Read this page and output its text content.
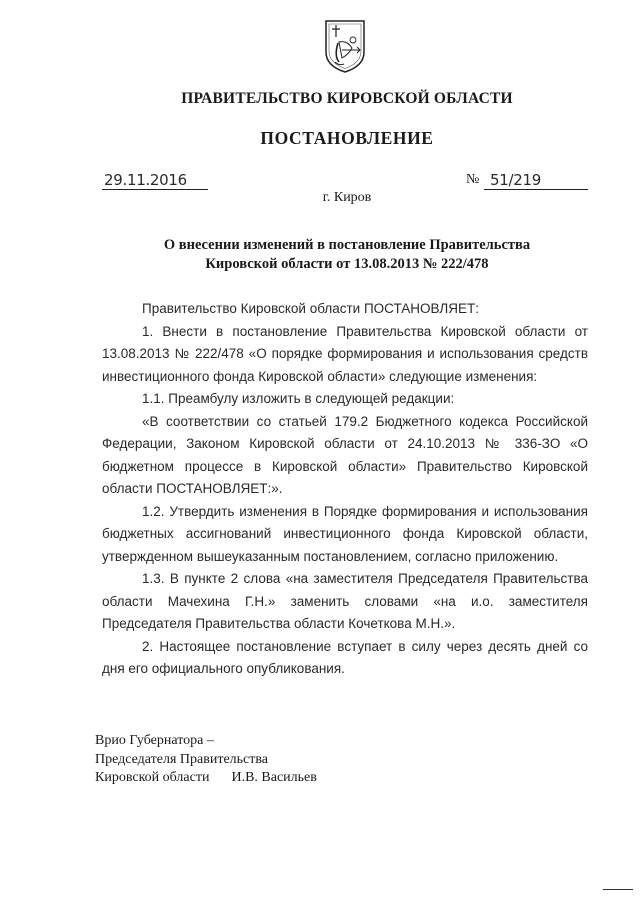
ПРАВИТЕЛЬСТВО КИРОВСКОЙ ОБЛАСТИ
ПОСТАНОВЛЕНИЕ
29.11.2016	№ 51/219
г. Киров
О внесении изменений в постановление Правительства
Кировской области от 13.08.2013 № 222/478

Правительство Кировской области ПОСТАНОВЛЯЕТ:

1. Внести в постановление Правительства Кировской области от 13.08.2013 № 222/478 «О порядке формирования и использования средств инвестиционного фонда Кировской области» следующие изменения:

1.1. Преамбулу изложить в следующей редакции:

«В соответствии со статьей 179.2 Бюджетного кодекса Российской Федерации, Законом Кировской области от 24.10.2013 № 336-ЗО «О бюджетном процессе в Кировской области» Правительство Кировской области ПОСТАНОВЛЯЕТ:».

1.2. Утвердить изменения в Порядке формирования и использования бюджетных ассигнований инвестиционного фонда Кировской области, утвержденном вышеуказанным постановлением, согласно приложению.

1.3. В пункте 2 слова «на заместителя Председателя Правительства области Мачехина Г.Н.» заменить словами «на и.о. заместителя Председателя Правительства области Кочеткова М.Н.».

2. Настоящее постановление вступает в силу через десять дней со дня его официального опубликования.

Врио Губернатора –
Председателя Правительства
Кировской области И.В. Васильев
